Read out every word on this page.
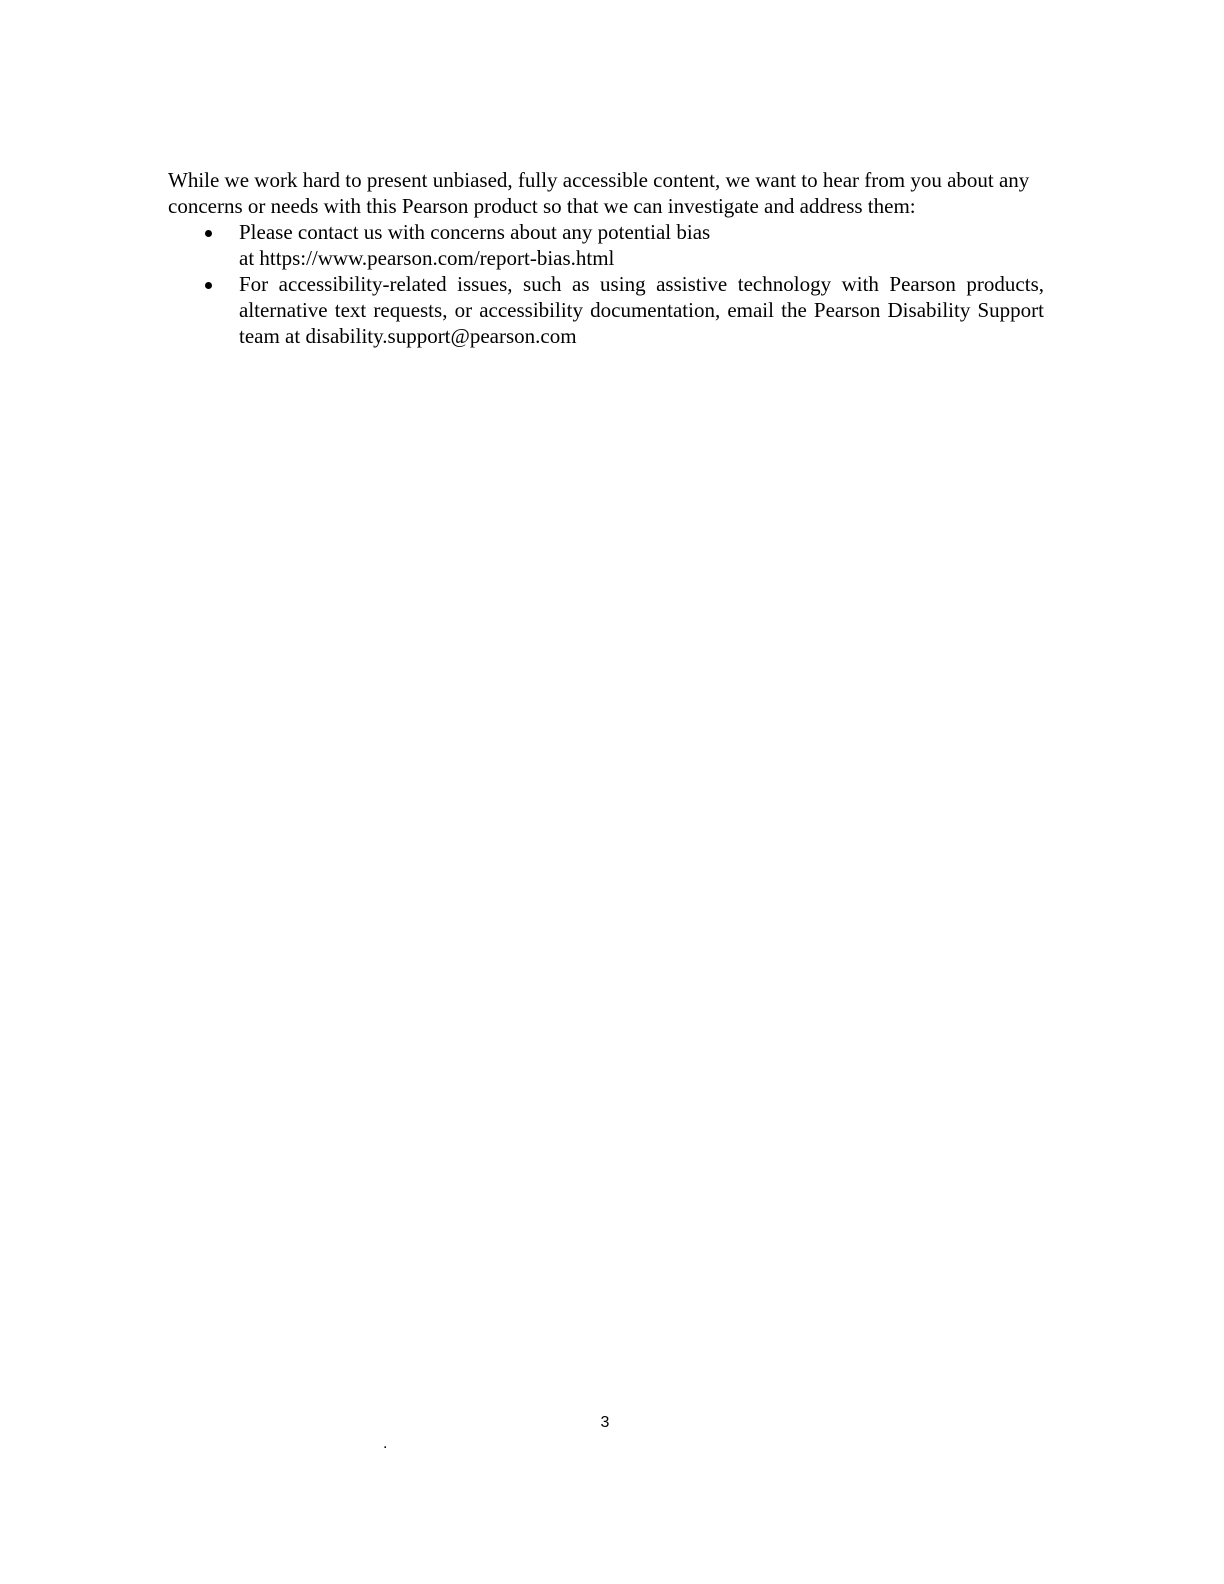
While we work hard to present unbiased, fully accessible content, we want to hear from you about any concerns or needs with this Pearson product so that we can investigate and address them:

Please contact us with concerns about any potential bias
at https://www.pearson.com/report-bias.html
For accessibility-related issues, such as using assistive technology with Pearson products, alternative text requests, or accessibility documentation, email the Pearson Disability Support team at disability.support@pearson.com
3
.
